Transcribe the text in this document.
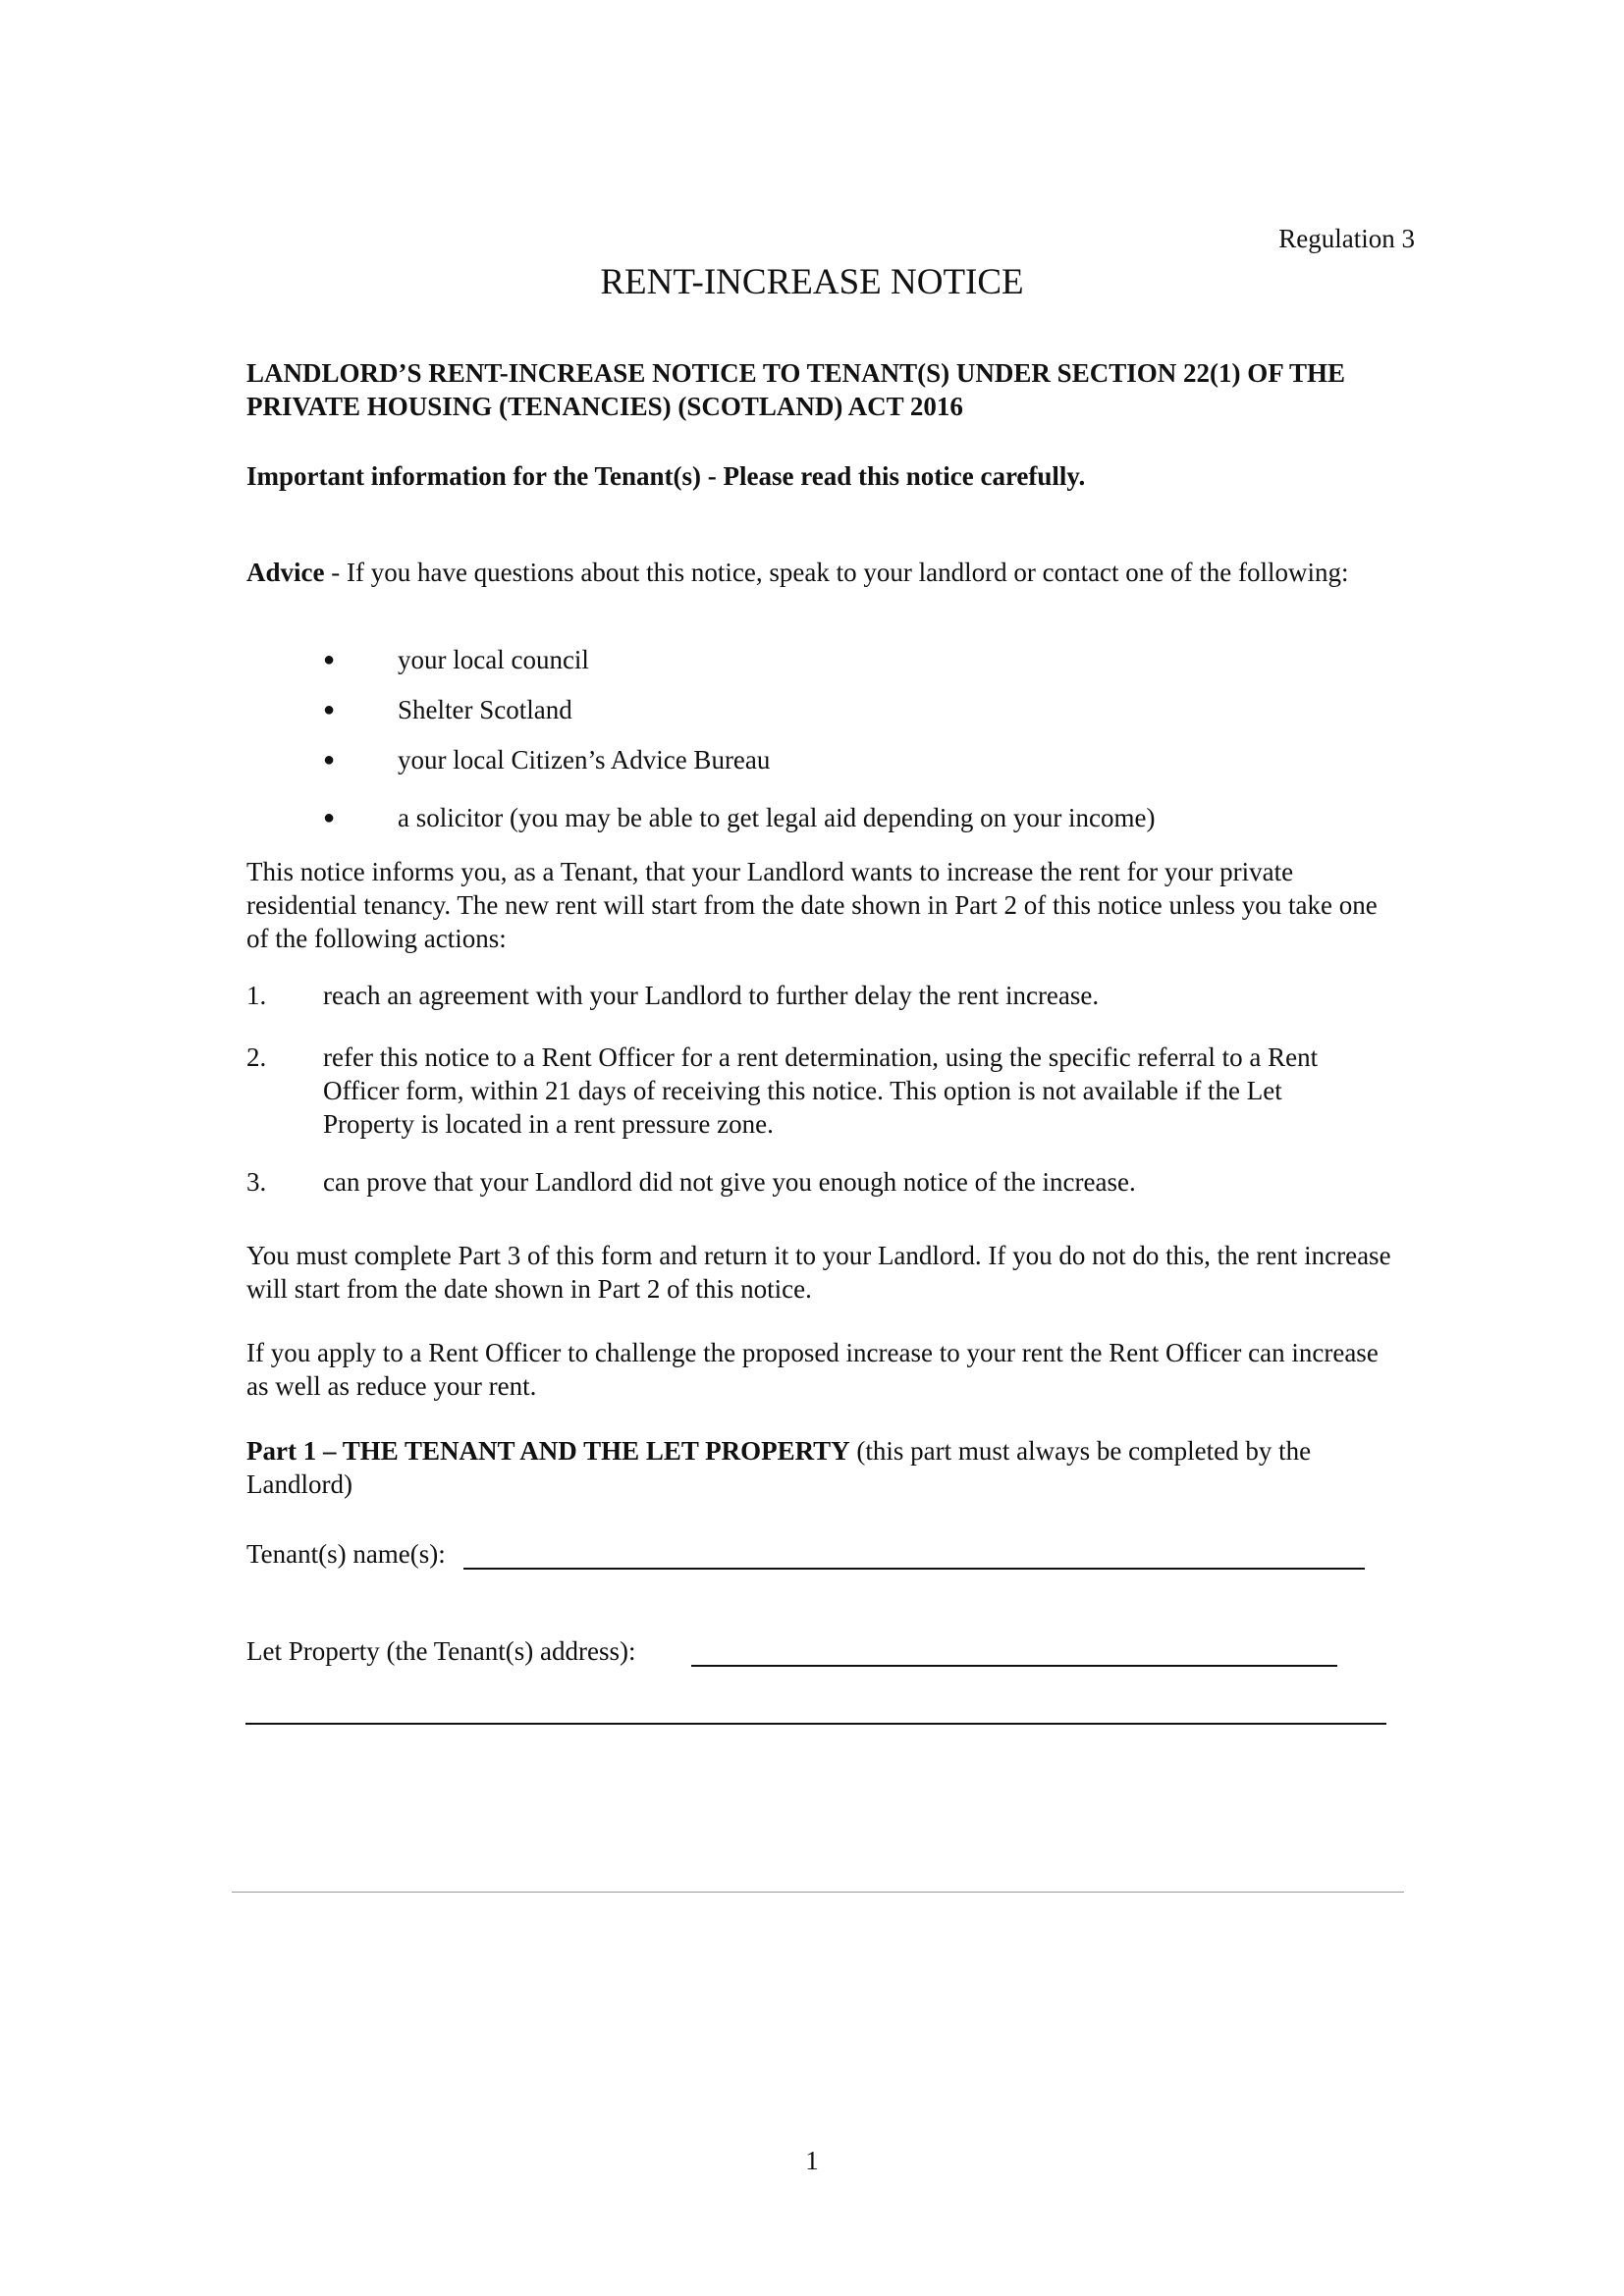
Regulation 3
RENT-INCREASE NOTICE
LANDLORD’S RENT-INCREASE NOTICE TO TENANT(S) UNDER SECTION 22(1) OF THE PRIVATE HOUSING (TENANCIES) (SCOTLAND) ACT 2016
Important information for the Tenant(s) - Please read this notice carefully.
Advice - If you have questions about this notice, speak to your landlord or contact one of the following:
● your local council
● Shelter Scotland
● your local Citizen’s Advice Bureau
● a solicitor (you may be able to get legal aid depending on your income)
This notice informs you, as a Tenant, that your Landlord wants to increase the rent for your private residential tenancy. The new rent will start from the date shown in Part 2 of this notice unless you take one of the following actions:
1. reach an agreement with your Landlord to further delay the rent increase.
2. refer this notice to a Rent Officer for a rent determination, using the specific referral to a Rent Officer form, within 21 days of receiving this notice. This option is not available if the Let Property is located in a rent pressure zone.
3. can prove that your Landlord did not give you enough notice of the increase.
You must complete Part 3 of this form and return it to your Landlord. If you do not do this, the rent increase will start from the date shown in Part 2 of this notice.
If you apply to a Rent Officer to challenge the proposed increase to your rent the Rent Officer can increase as well as reduce your rent.
Part 1 – THE TENANT AND THE LET PROPERTY (this part must always be completed by the Landlord)
Tenant(s) name(s):
Let Property (the Tenant(s) address):
1
